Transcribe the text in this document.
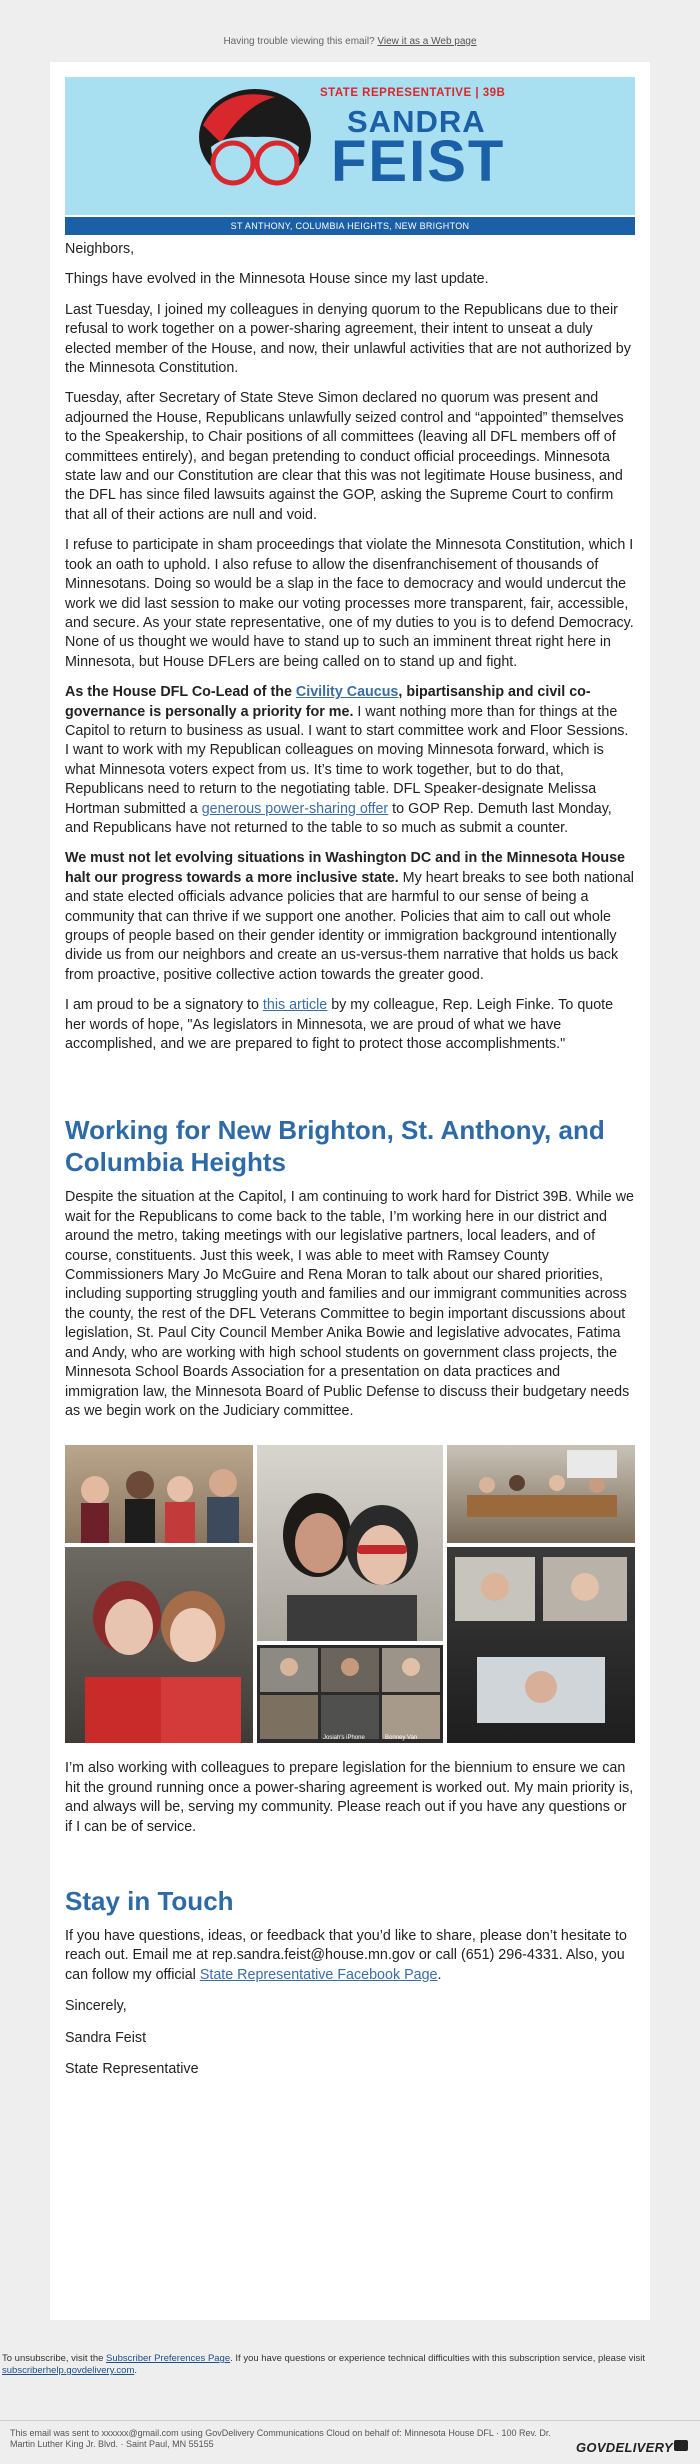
Having trouble viewing this email? View it as a Web page
STATE REPRESENTATIVE | 39B
SANDRA
FEIST
ST ANTHONY, COLUMBIA HEIGHTS, NEW BRIGHTON

Neighbors,

Things have evolved in the Minnesota House since my last update.

Last Tuesday, I joined my colleagues in denying quorum to the Republicans due to their refusal to work together on a power-sharing agreement, their intent to unseat a duly elected member of the House, and now, their unlawful activities that are not authorized by the Minnesota Constitution.

Tuesday, after Secretary of State Steve Simon declared no quorum was present and adjourned the House, Republicans unlawfully seized control and “appointed” themselves to the Speakership, to Chair positions of all committees (leaving all DFL members off of committees entirely), and began pretending to conduct official proceedings. Minnesota state law and our Constitution are clear that this was not legitimate House business, and the DFL has since filed lawsuits against the GOP, asking the Supreme Court to confirm that all of their actions are null and void.

I refuse to participate in sham proceedings that violate the Minnesota Constitution, which I took an oath to uphold. I also refuse to allow the disenfranchisement of thousands of Minnesotans. Doing so would be a slap in the face to democracy and would undercut the work we did last session to make our voting processes more transparent, fair, accessible, and secure. As your state representative, one of my duties to you is to defend Democracy. None of us thought we would have to stand up to such an imminent threat right here in Minnesota, but House DFLers are being called on to stand up and fight.

As the House DFL Co-Lead of the Civility Caucus, bipartisanship and civil co-governance is personally a priority for me. I want nothing more than for things at the Capitol to return to business as usual. I want to start committee work and Floor Sessions. I want to work with my Republican colleagues on moving Minnesota forward, which is what Minnesota voters expect from us. It’s time to work together, but to do that, Republicans need to return to the negotiating table. DFL Speaker-designate Melissa Hortman submitted a generous power-sharing offer to GOP Rep. Demuth last Monday, and Republicans have not returned to the table to so much as submit a counter.

We must not let evolving situations in Washington DC and in the Minnesota House halt our progress towards a more inclusive state. My heart breaks to see both national and state elected officials advance policies that are harmful to our sense of being a community that can thrive if we support one another. Policies that aim to call out whole groups of people based on their gender identity or immigration background intentionally divide us from our neighbors and create an us-versus-them narrative that holds us back from proactive, positive collective action towards the greater good.

I am proud to be a signatory to this article by my colleague, Rep. Leigh Finke. To quote her words of hope, "As legislators in Minnesota, we are proud of what we have accomplished, and we are prepared to fight to protect those accomplishments."

Working for New Brighton, St. Anthony, and Columbia Heights

Despite the situation at the Capitol, I am continuing to work hard for District 39B. While we wait for the Republicans to come back to the table, I’m working here in our district and around the metro, taking meetings with our legislative partners, local leaders, and of course, constituents. Just this week, I was able to meet with Ramsey County Commissioners Mary Jo McGuire and Rena Moran to talk about our shared priorities, including supporting struggling youth and families and our immigrant communities across the county, the rest of the DFL Veterans Committee to begin important discussions about legislation, St. Paul City Council Member Anika Bowie and legislative advocates, Fatima and Andy, who are working with high school students on government class projects, the Minnesota School Boards Association for a presentation on data practices and immigration law, the Minnesota Board of Public Defense to discuss their budgetary needs as we begin work on the Judiciary committee.

Josiah's iPhone	Bonney Van

I’m also working with colleagues to prepare legislation for the biennium to ensure we can hit the ground running once a power-sharing agreement is worked out. My main priority is, and always will be, serving my community. Please reach out if you have any questions or if I can be of service.

Stay in Touch

If you have questions, ideas, or feedback that you’d like to share, please don’t hesitate to reach out. Email me at rep.sandra.feist@house.mn.gov or call (651) 296-4331. Also, you can follow my official State Representative Facebook Page.

Sincerely,

Sandra Feist

State Representative

To unsubscribe, visit the Subscriber Preferences Page. If you have questions or experience technical difficulties with this subscription service, please visit subscriberhelp.govdelivery.com.
This email was sent to xxxxxx@gmail.com using GovDelivery Communications Cloud on behalf of: Minnesota House DFL · 100 Rev. Dr. Martin Luther King Jr. Blvd. · Saint Paul, MN 55155	GOVDELIVERY
